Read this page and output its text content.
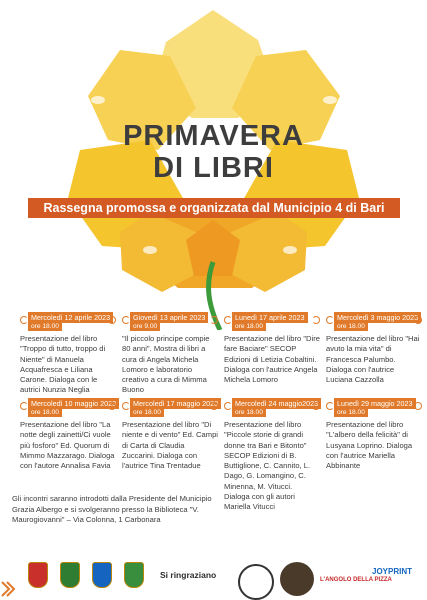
PRIMAVERA
DI LIBRI
Rassegna promossa e organizzata dal Municipio 4 di Bari
Mercoledì 12 aprile 2023
ore 18.00
Presentazione del libro "Troppo di tutto, troppo di Niente" di Manuela Acquafresca e Liliana Carone. Dialoga con le autrici Nunzia Neglia
Giovedì 13 aprile 2023
ore 9.00
"Il piccolo principe compie 80 anni". Mostra di libri a cura di Angela Michela Lomoro e laboratorio creativo a cura di Mimma Buono
Lunedì 17 aprile 2023
ore 18.00
Presentazione del libro "Dire fare Baciare" SECOP Edizioni di Letizia Cobaltini. Dialoga con l'autrice Angela Michela Lomoro
Mercoledì 3 maggio 2023
ore 18.00
Presentazione del libro "Hai avuto la mia vita" di Francesca Palumbo. Dialoga con l'autrice Luciana Cazzolla
Mercoledì 10 maggio 2023
ore 18.00
Presentazione del libro "La notte degli zainetti/Ci vuole più fosforo" Ed. Quorum di Mimmo Mazzarago. Dialoga con l'autore Annalisa Favia
Mercoledì 17 maggio 2023
ore 18.00
Presentazione del libro "Di niente e di vento" Ed. Campi di Carta di Claudia Zuccarini. Dialoga con l'autrice Tina Trentadue
Mercoledì 24 maggio2023
ore 18.00
Presentazione del libro "Piccole storie di grandi donne tra Bari e Bitonto" SECOP Edizioni di B. Buttiglione, C. Cannito, L. Dago, G. Lomangino, C. Minenna, M. Vitucci. Dialoga con gli autori Mariella Vitucci
Lunedì 29 maggio 2023
ore 18.00
Presentazione del libro "L'albero della felicità" di Lusyana Loprino. Dialoga con l'autrice Mariella Abbinante
Gli incontri saranno introdotti dalla Presidente del Municipio Grazia Albergo e si svolgeranno presso la Biblioteca "V. Maurogiovanni" – Via Colonna, 1 Carbonara
Si ringraziano	L'ANGOLO DELLA PIZZA
JOYPRINT
